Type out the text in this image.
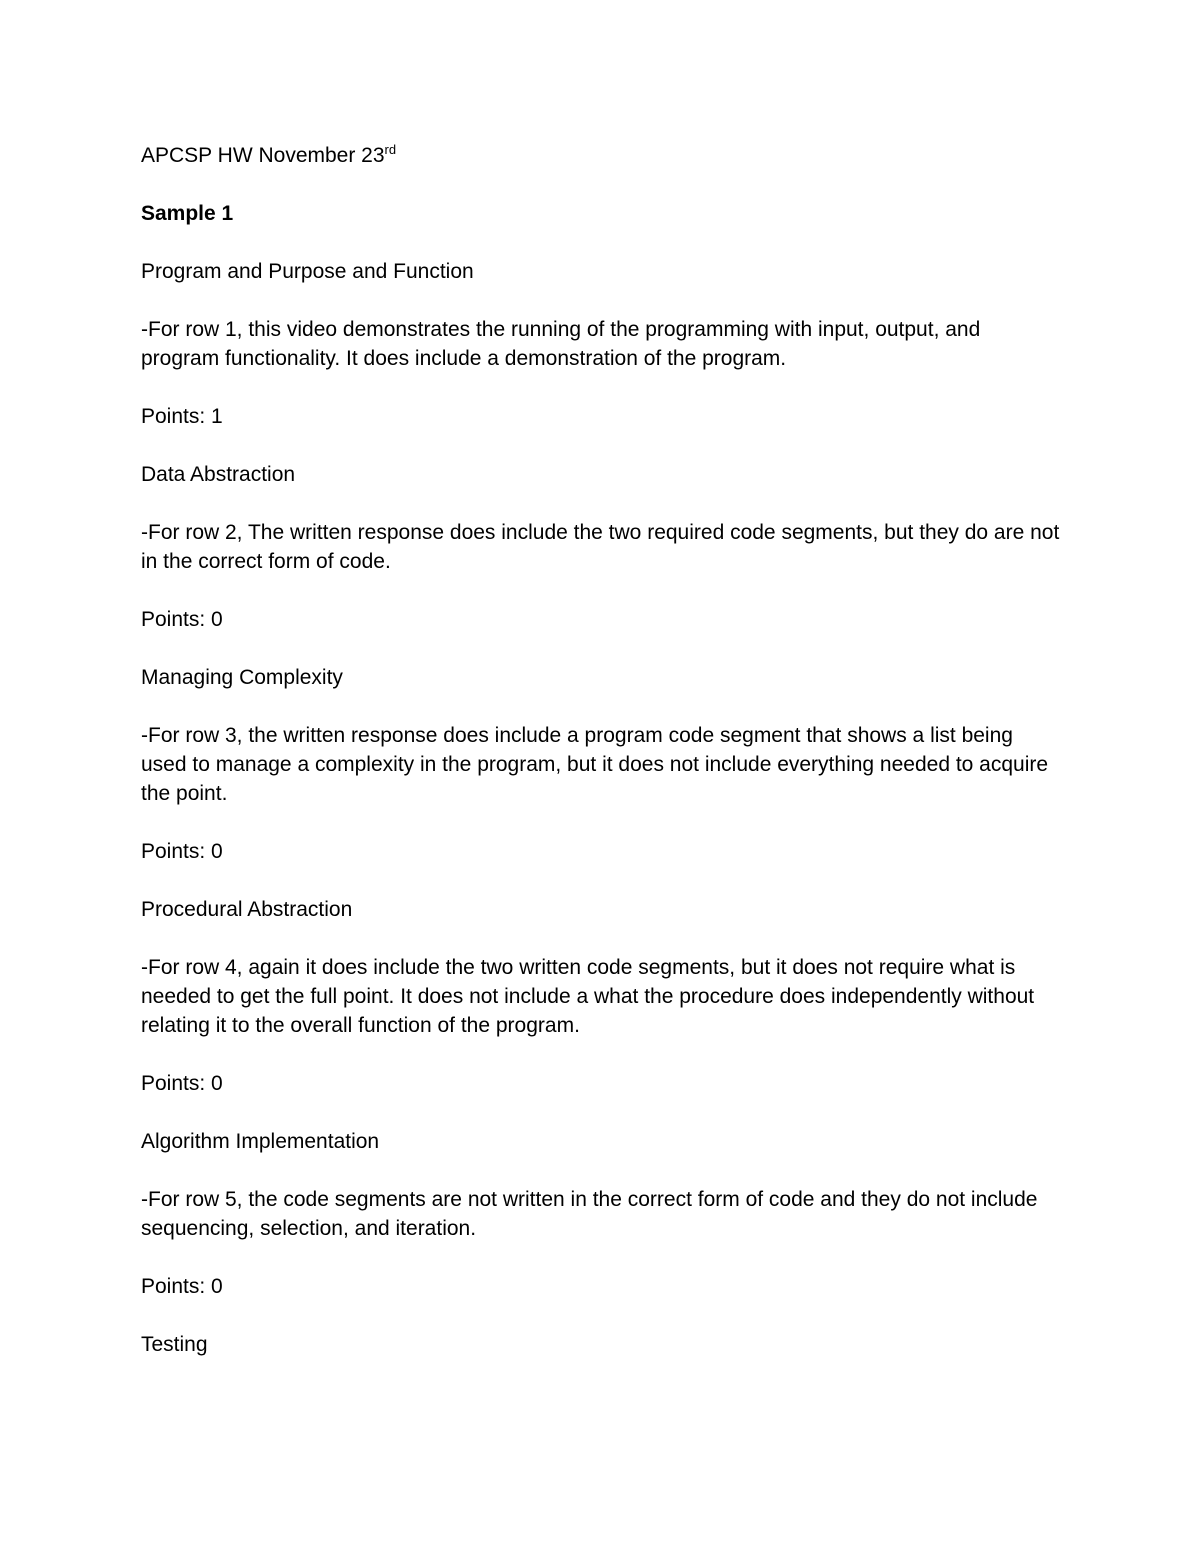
APCSP HW November 23rd

Sample 1

Program and Purpose and Function

-For row 1, this video demonstrates the running of the programming with input, output, and program functionality. It does include a demonstration of the program.

Points: 1

Data Abstraction

-For row 2, The written response does include the two required code segments, but they do are not in the correct form of code.

Points: 0

Managing Complexity

-For row 3, the written response does include a program code segment that shows a list being used to manage a complexity in the program, but it does not include everything needed to acquire the point.

Points: 0

Procedural Abstraction

-For row 4, again it does include the two written code segments, but it does not require what is needed to get the full point. It does not include a what the procedure does independently without relating it to the overall function of the program.

Points: 0

Algorithm Implementation

-For row 5, the code segments are not written in the correct form of code and they do not include sequencing, selection, and iteration.

Points: 0

Testing
